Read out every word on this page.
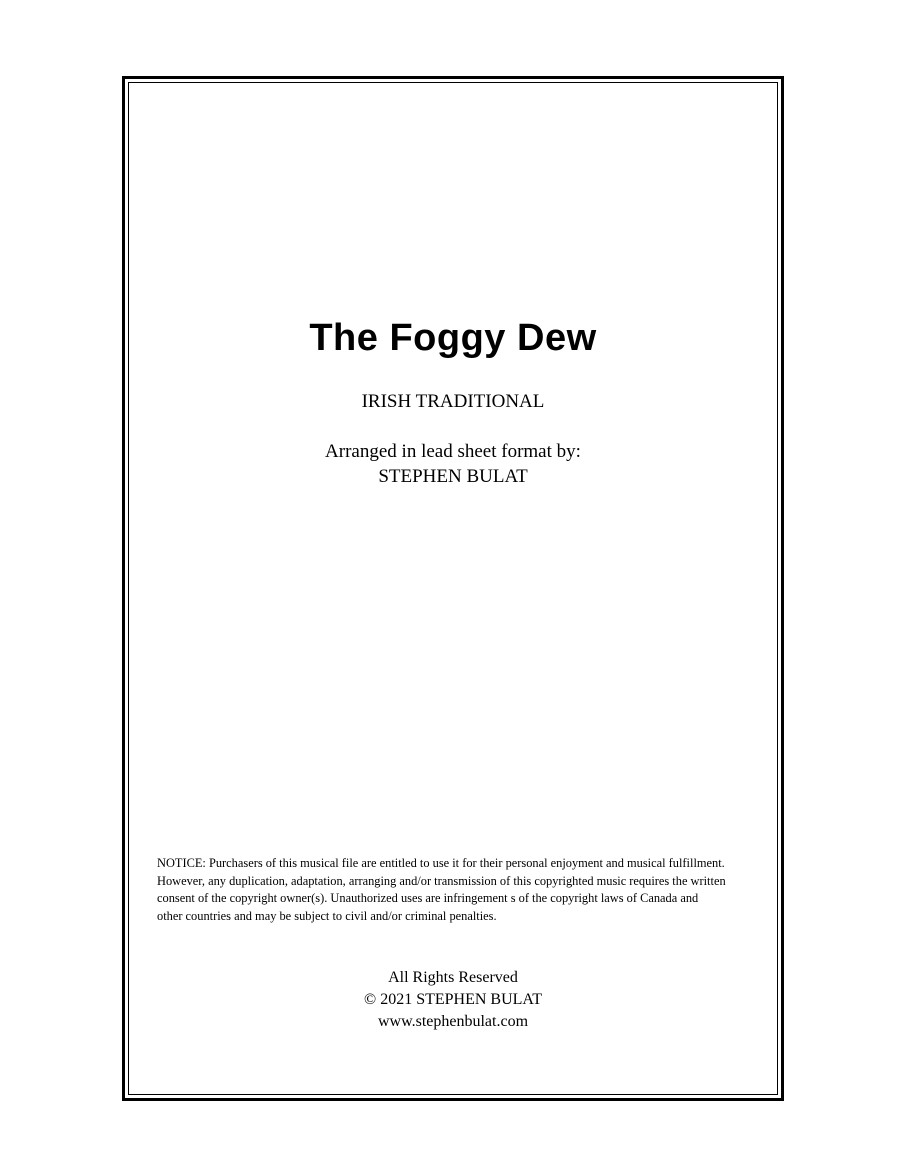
The Foggy Dew
IRISH TRADITIONAL
Arranged in lead sheet format by:
STEPHEN BULAT
NOTICE: Purchasers of this musical file are entitled to use it for their personal enjoyment and musical fulfillment.
However, any duplication, adaptation, arranging and/or transmission of this copyrighted music requires the written
consent of the copyright owner(s). Unauthorized uses are infringement s of the copyright laws of Canada and
other countries and may be subject to civil and/or criminal penalties.
All Rights Reserved
© 2021 STEPHEN BULAT
www.stephenbulat.com
